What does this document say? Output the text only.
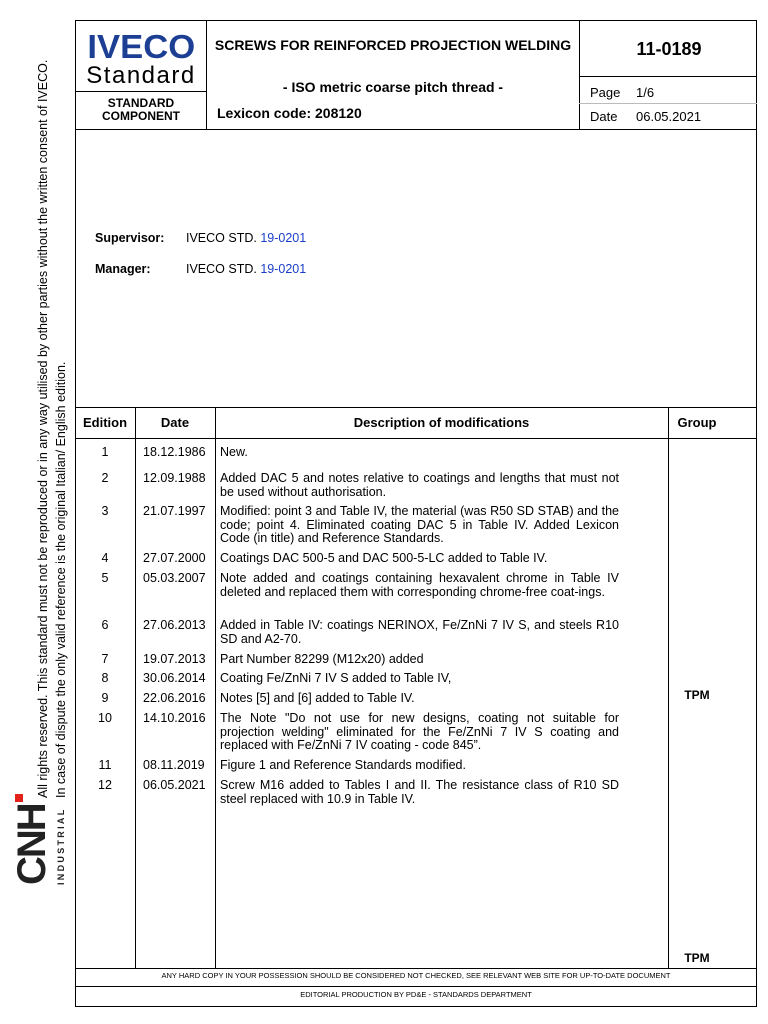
All rights reserved. This standard must not be reproduced or in any way utilised by other parties without the written consent of IVECO. In case of dispute the only valid reference is the original Italian/ English edition.
CNH INDUSTRIAL
IVECO
Standard
STANDARD
COMPONENT
SCREWS FOR REINFORCED PROJECTION WELDING
- ISO metric coarse pitch thread -
Lexicon code: 208120
11-0189
Page 1/6
Date 06.05.2021
Supervisor: IVECO STD. 19-0201
Manager:	IVECO STD. 19-0201
Edition	Date	Description of modifications	Group
1	18.12.1986	New.
2	12.09.1988	Added DAC 5 and notes relative to coatings and lengths that must not be used without authorisation.
3	21.07.1997	Modified: point 3 and Table IV, the material (was R50 SD STAB) and the code; point 4. Eliminated coating DAC 5 in Table IV. Added Lexicon Code (in title) and Reference Standards.
4	27.07.2000	Coatings DAC 500-5 and DAC 500-5-LC added to Table IV.
5	05.03.2007	Note added and coatings containing hexavalent chrome in Table IV deleted and replaced them with corresponding chrome-free coat-ings.
6	27.06.2013	Added in Table IV: coatings NERINOX, Fe/ZnNi 7 IV S, and steels R10 SD and A2-70.
7	19.07.2013	Part Number 82299 (M12x20) added
8	30.06.2014	Coating Fe/ZnNi 7 IV S added to Table IV,
9	22.06.2016	Notes [5] and [6] added to Table IV.
10	14.10.2016	The Note "Do not use for new designs, coating not suitable for projection welding" eliminated for the Fe/ZnNi 7 IV S coating and replaced with Fe/ZnNi 7 IV coating - code 845”.
11	08.11.2019	Figure 1 and Reference Standards modified.
12	06.05.2021	Screw M16 added to Tables I and II. The resistance class of R10 SD steel replaced with 10.9 in Table IV.
TPM
TPM
ANY HARD COPY IN YOUR POSSESSION SHOULD BE CONSIDERED NOT CHECKED, SEE RELEVANT WEB SITE FOR UP-TO-DATE DOCUMENT
EDITORIAL PRODUCTION BY PD&E - STANDARDS DEPARTMENT
